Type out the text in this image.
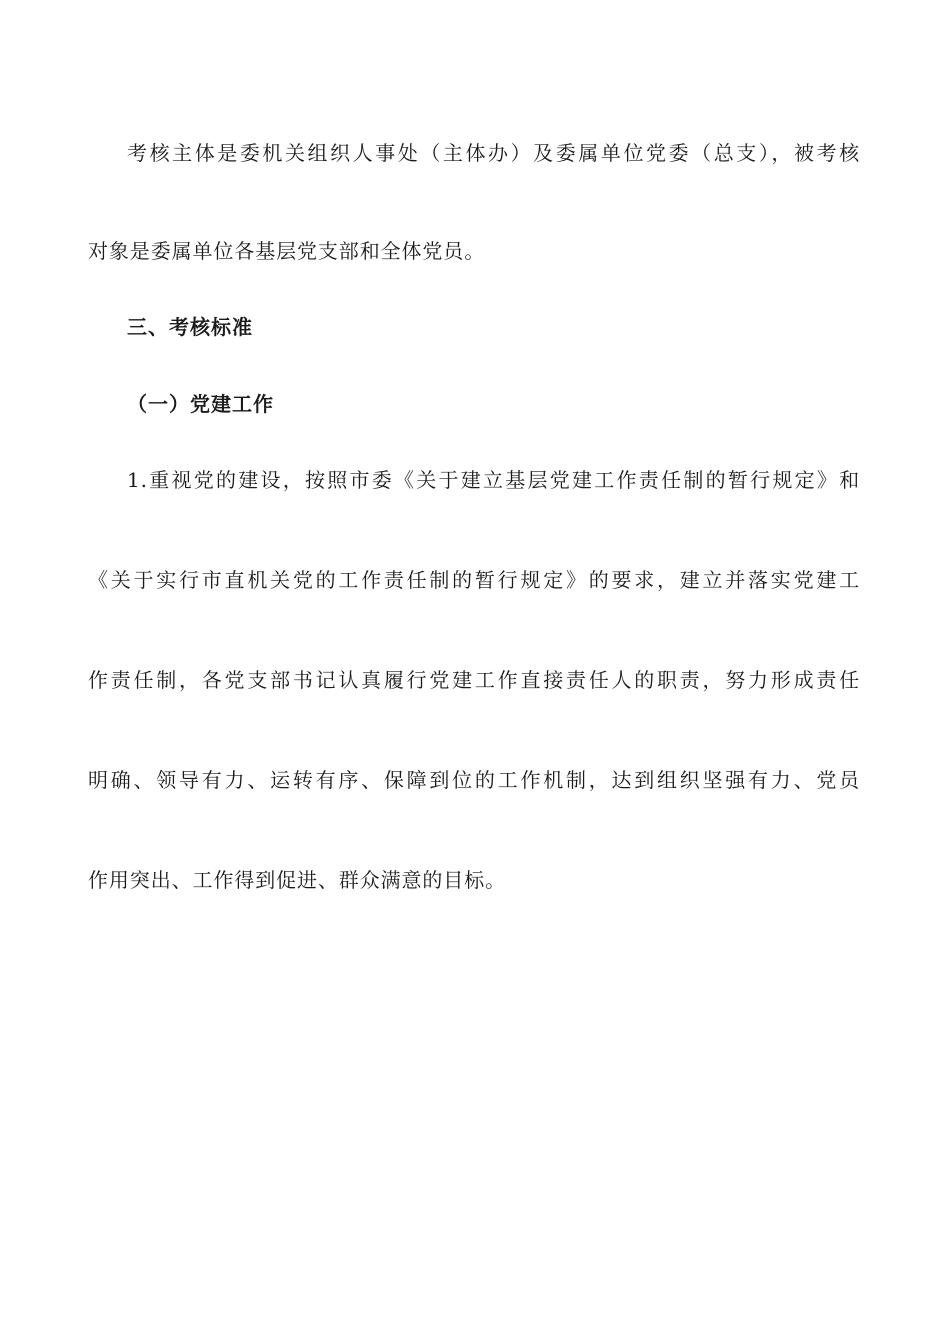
考核主体是委机关组织人事处（主体办）及委属单位党委（总支），被考核
对象是委属单位各基层党支部和全体党员。
三、考核标准
（一）党建工作
1.重视党的建设，按照市委《关于建立基层党建工作责任制的暂行规定》和
《关于实行市直机关党的工作责任制的暂行规定》的要求，建立并落实党建工
作责任制，各党支部书记认真履行党建工作直接责任人的职责，努力形成责任
明确、领导有力、运转有序、保障到位的工作机制，达到组织坚强有力、党员
作用突出、工作得到促进、群众满意的目标。
